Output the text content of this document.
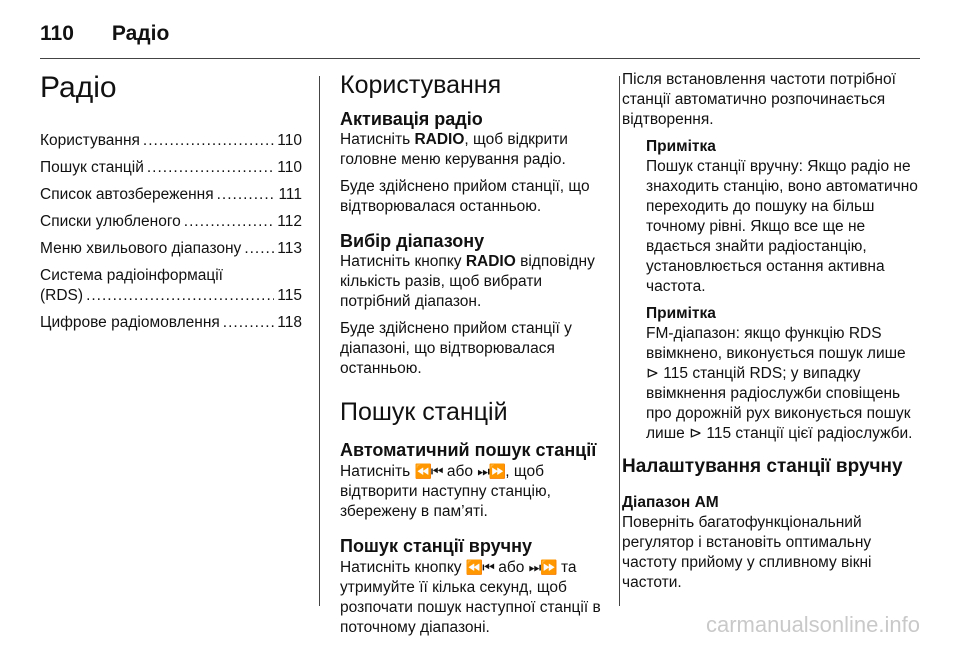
110 Радіо
Радіо
Користування .....	110
Пошук станцій .....	110
Список автозбереження .....	111
Списки улюбленого .....	112
Меню хвильового діапазону ..... 113
Система радіоінформації
(RDS) .....	115
Цифрове радіомовлення .....	118
Користування
Активація радіо

Натисніть RADIO, щоб відкрити головне меню керування радіо.

Буде здійснено прийом станції, що відтворювалася останньою.

Вибір діапазону

Натисніть кнопку RADIO відповідну кількість разів, щоб вибрати потрібний діапазон.

Буде здійснено прийом станції у діапазоні, що відтворювалася останньою.

Пошук станцій
Автоматичний пошук станції

Натисніть ⏪⏮ або ⏭⏩, щоб відтворити наступну станцію, збережену в пам’яті.

Пошук станції вручну

Натисніть кнопку ⏪⏮ або ⏭⏩ та утримуйте її кілька секунд, щоб розпочати пошук наступної станції в поточному діапазоні.

Після встановлення частоти потрібної станції автоматично розпочинається відтворення.

Примітка
Пошук станції вручну: Якщо радіо не знаходить станцію, воно автоматично переходить до пошуку на більш точному рівні. Якщо все ще не вдається знайти радіостанцію, установлюється остання активна частота.
Примітка
FM-діапазон: якщо функцію RDS ввімкнено, виконується пошук лише ⊳ 115 станцій RDS; у випадку ввімкнення радіослужби сповіщень про дорожній рух виконується пошук лише ⊳ 115 станції цієї радіослужби.
Налаштування станції вручну
Діапазон АМ

Поверніть багатофункціональний регулятор і встановіть оптимальну частоту прийому у спливному вікні частоти.

carmanualsonline.info
